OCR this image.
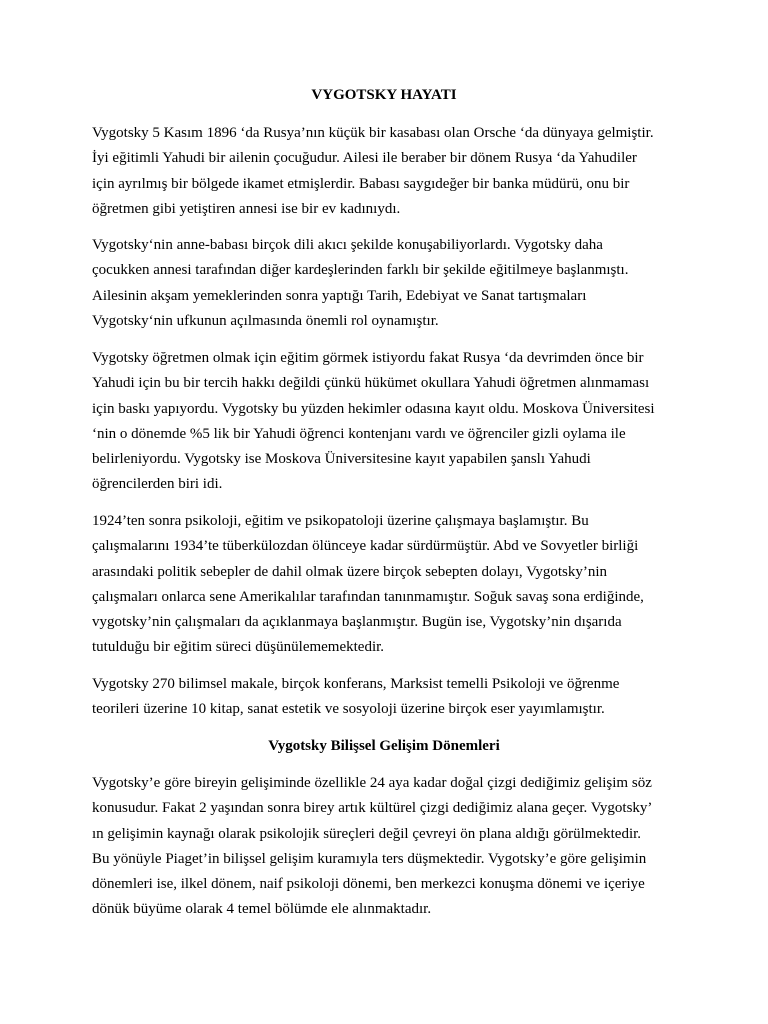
VYGOTSKY HAYATI

Vygotsky 5 Kasım 1896 ‘da Rusya’nın küçük bir kasabası olan Orsche ‘da dünyaya gelmiştir.
İyi eğitimli Yahudi bir ailenin çocuğudur. Ailesi ile beraber bir dönem Rusya ‘da Yahudiler
için ayrılmış bir bölgede ikamet etmişlerdir. Babası saygıdeğer bir banka müdürü, onu bir
öğretmen gibi yetiştiren annesi ise bir ev kadınıydı.

Vygotsky‘nin anne-babası birçok dili akıcı şekilde konuşabiliyorlardı. Vygotsky daha
çocukken annesi tarafından diğer kardeşlerinden farklı bir şekilde eğitilmeye başlanmıştı.
Ailesinin akşam yemeklerinden sonra yaptığı Tarih, Edebiyat ve Sanat tartışmaları
Vygotsky‘nin ufkunun açılmasında önemli rol oynamıştır.

Vygotsky öğretmen olmak için eğitim görmek istiyordu fakat Rusya ‘da devrimden önce bir
Yahudi için bu bir tercih hakkı değildi çünkü hükümet okullara Yahudi öğretmen alınmaması
için baskı yapıyordu. Vygotsky bu yüzden hekimler odasına kayıt oldu. Moskova Üniversitesi
‘nin o dönemde %5 lik bir Yahudi öğrenci kontenjanı vardı ve öğrenciler gizli oylama ile
belirleniyordu. Vygotsky ise Moskova Üniversitesine kayıt yapabilen şanslı Yahudi
öğrencilerden biri idi.

1924’ten sonra psikoloji, eğitim ve psikopatoloji üzerine çalışmaya başlamıştır. Bu
çalışmalarını 1934’te tüberkülozdan ölünceye kadar sürdürmüştür. Abd ve Sovyetler birliği
arasındaki politik sebepler de dahil olmak üzere birçok sebepten dolayı, Vygotsky’nin
çalışmaları onlarca sene Amerikalılar tarafından tanınmamıştır. Soğuk savaş sona erdiğinde,
vygotsky’nin çalışmaları da açıklanmaya başlanmıştır. Bugün ise, Vygotsky’nin dışarıda
tutulduğu bir eğitim süreci düşünülememektedir.

Vygotsky 270 bilimsel makale, birçok konferans, Marksist temelli Psikoloji ve öğrenme
teorileri üzerine 10 kitap, sanat estetik ve sosyoloji üzerine birçok eser yayımlamıştır.

Vygotsky Bilişsel Gelişim Dönemleri

Vygotsky’e göre bireyin gelişiminde özellikle 24 aya kadar doğal çizgi dediğimiz gelişim söz
konusudur. Fakat 2 yaşından sonra birey artık kültürel çizgi dediğimiz alana geçer. Vygotsky’
ın gelişimin kaynağı olarak psikolojik süreçleri değil çevreyi ön plana aldığı görülmektedir.
Bu yönüyle Piaget’in bilişsel gelişim kuramıyla ters düşmektedir. Vygotsky’e göre gelişimin
dönemleri ise, ilkel dönem, naif psikoloji dönemi, ben merkezci konuşma dönemi ve içeriye
dönük büyüme olarak 4 temel bölümde ele alınmaktadır.
